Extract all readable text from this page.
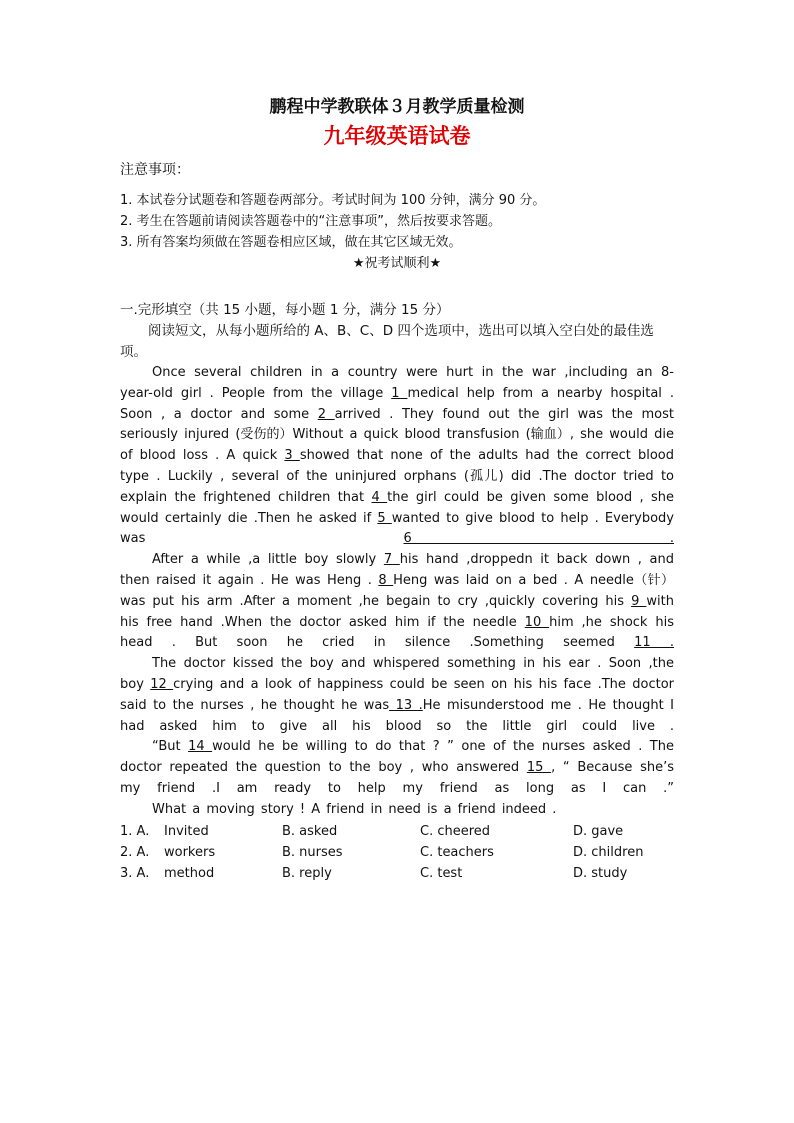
鹏程中学教联体３月教学质量检测
九年级英语试卷
注意事项：
1. 本试卷分试题卷和答题卷两部分。考试时间为 100 分钟，满分 90 分。
2. 考生在答题前请阅读答题卷中的“注意事项”，然后按要求答题。
3. 所有答案均须做在答题卷相应区域，做在其它区域无效。
★祝考试顺利★
一.完形填空（共 15 小题，每小题 1 分，满分 15 分）
阅读短文，从每小题所给的 A、B、C、D 四个选项中，选出可以填入空白处的最佳选项。
Once several children in a country were hurt in the war ,including an 8-year-old girl . People from the village 1 medical help from a nearby hospital . Soon , a doctor and some 2 arrived . They found out the girl was the most seriously injured (受伤的）Without a quick blood transfusion (输血）, she would die of blood loss . A quick 3 showed that none of the adults had the correct blood type . Luckily , several of the uninjured orphans (孤儿) did .The doctor tried to explain the frightened children that 4 the girl could be given some blood , she would certainly die .Then he asked if 5 wanted to give blood to help . Everybody was 6 .
After a while ,a little boy slowly 7 his hand ,droppedn it back down , and then raised it again . He was Heng . 8 Heng was laid on a bed . A needle（针） was put his arm .After a moment ,he begain to cry ,quickly covering his 9 with his free hand .When the doctor asked him if the needle 10 him ,he shock his head . But soon he cried in silence .Something seemed 11 .
The doctor kissed the boy and whispered something in his ear . Soon ,the boy 12 crying and a look of happiness could be seen on his his face .The doctor said to the nurses , he thought he was 13 .He misunderstood me . He thought I had asked him to give all his blood so the little girl could live .
“But 14 would he be willing to do that ? ” one of the nurses asked . The doctor repeated the question to the boy , who answered 15 , “ Because she’s my friend .I am ready to help my friend as long as I can .”
What a moving story ! A friend in need is a friend indeed .
1. A. Invited	B. asked	C. cheered	D. gave
2. A. workers	B. nurses	C. teachers	D. children
3. A. method	B. reply	C. test	D. study
